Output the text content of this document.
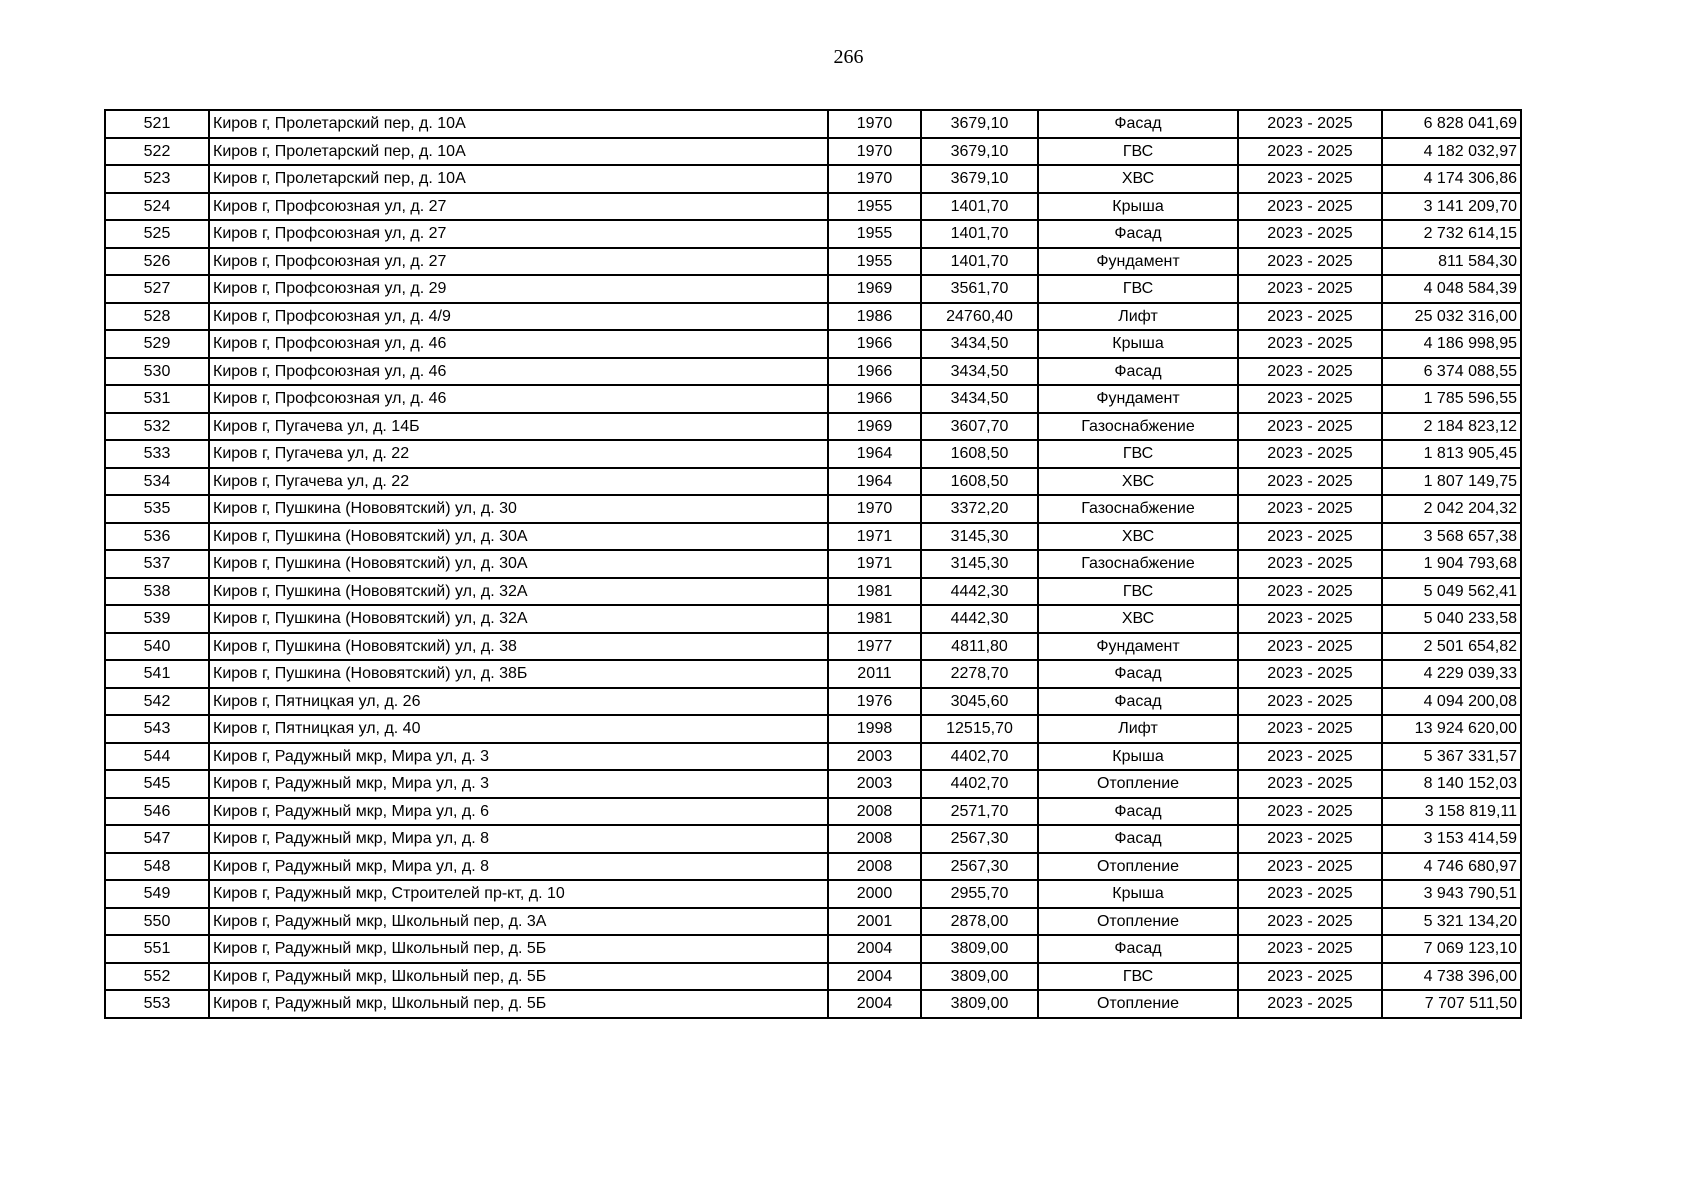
266
521	Киров г, Пролетарский пер, д. 10А	1970	3679,10	Фасад	2023 - 2025	6 828 041,69
522	Киров г, Пролетарский пер, д. 10А	1970	3679,10	ГВС	2023 - 2025	4 182 032,97
523	Киров г, Пролетарский пер, д. 10А	1970	3679,10	ХВС	2023 - 2025	4 174 306,86
524	Киров г, Профсоюзная ул, д. 27	1955	1401,70	Крыша	2023 - 2025	3 141 209,70
525	Киров г, Профсоюзная ул, д. 27	1955	1401,70	Фасад	2023 - 2025	2 732 614,15
526	Киров г, Профсоюзная ул, д. 27	1955	1401,70	Фундамент	2023 - 2025	811 584,30
527	Киров г, Профсоюзная ул, д. 29	1969	3561,70	ГВС	2023 - 2025	4 048 584,39
528	Киров г, Профсоюзная ул, д. 4/9	1986	24760,40	Лифт	2023 - 2025	25 032 316,00
529	Киров г, Профсоюзная ул, д. 46	1966	3434,50	Крыша	2023 - 2025	4 186 998,95
530	Киров г, Профсоюзная ул, д. 46	1966	3434,50	Фасад	2023 - 2025	6 374 088,55
531	Киров г, Профсоюзная ул, д. 46	1966	3434,50	Фундамент	2023 - 2025	1 785 596,55
532	Киров г, Пугачева ул, д. 14Б	1969	3607,70	Газоснабжение	2023 - 2025	2 184 823,12
533	Киров г, Пугачева ул, д. 22	1964	1608,50	ГВС	2023 - 2025	1 813 905,45
534	Киров г, Пугачева ул, д. 22	1964	1608,50	ХВС	2023 - 2025	1 807 149,75
535	Киров г, Пушкина (Нововятский) ул, д. 30	1970	3372,20	Газоснабжение	2023 - 2025	2 042 204,32
536	Киров г, Пушкина (Нововятский) ул, д. 30А	1971	3145,30	ХВС	2023 - 2025	3 568 657,38
537	Киров г, Пушкина (Нововятский) ул, д. 30А	1971	3145,30	Газоснабжение	2023 - 2025	1 904 793,68
538	Киров г, Пушкина (Нововятский) ул, д. 32А	1981	4442,30	ГВС	2023 - 2025	5 049 562,41
539	Киров г, Пушкина (Нововятский) ул, д. 32А	1981	4442,30	ХВС	2023 - 2025	5 040 233,58
540	Киров г, Пушкина (Нововятский) ул, д. 38	1977	4811,80	Фундамент	2023 - 2025	2 501 654,82
541	Киров г, Пушкина (Нововятский) ул, д. 38Б	2011	2278,70	Фасад	2023 - 2025	4 229 039,33
542	Киров г, Пятницкая ул, д. 26	1976	3045,60	Фасад	2023 - 2025	4 094 200,08
543	Киров г, Пятницкая ул, д. 40	1998	12515,70	Лифт	2023 - 2025	13 924 620,00
544	Киров г, Радужный мкр, Мира ул, д. 3	2003	4402,70	Крыша	2023 - 2025	5 367 331,57
545	Киров г, Радужный мкр, Мира ул, д. 3	2003	4402,70	Отопление	2023 - 2025	8 140 152,03
546	Киров г, Радужный мкр, Мира ул, д. 6	2008	2571,70	Фасад	2023 - 2025	3 158 819,11
547	Киров г, Радужный мкр, Мира ул, д. 8	2008	2567,30	Фасад	2023 - 2025	3 153 414,59
548	Киров г, Радужный мкр, Мира ул, д. 8	2008	2567,30	Отопление	2023 - 2025	4 746 680,97
549	Киров г, Радужный мкр, Строителей пр-кт, д. 10	2000	2955,70	Крыша	2023 - 2025	3 943 790,51
550	Киров г, Радужный мкр, Школьный пер, д. 3А	2001	2878,00	Отопление	2023 - 2025	5 321 134,20
551	Киров г, Радужный мкр, Школьный пер, д. 5Б	2004	3809,00	Фасад	2023 - 2025	7 069 123,10
552	Киров г, Радужный мкр, Школьный пер, д. 5Б	2004	3809,00	ГВС	2023 - 2025	4 738 396,00
553	Киров г, Радужный мкр, Школьный пер, д. 5Б	2004	3809,00	Отопление	2023 - 2025	7 707 511,50
